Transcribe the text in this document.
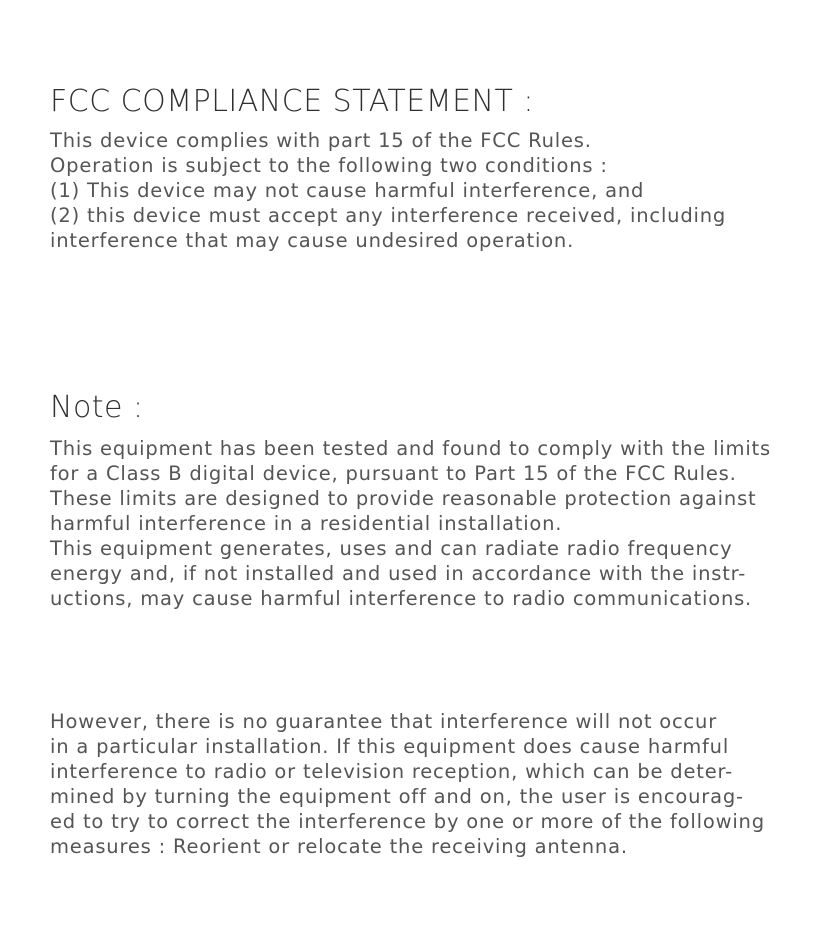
FCC COMPLIANCE STATEMENT :

This device complies with part 15 of the FCC Rules.
Operation is subject to the following two conditions :
(1) This device may not cause harmful interference, and
(2) this device must accept any interference received, including
interference that may cause undesired operation.

Note :

This equipment has been tested and found to comply with the limits
for a Class B digital device, pursuant to Part 15 of the FCC Rules.
These limits are designed to provide reasonable protection against
harmful interference in a residential installation.
This equipment generates, uses and can radiate radio frequency
energy and, if not installed and used in accordance with the instr-
uctions, may cause harmful interference to radio communications.

However, there is no guarantee that interference will not occur
in a particular installation. If this equipment does cause harmful
interference to radio or television reception, which can be deter-
mined by turning the equipment off and on, the user is encourag-
ed to try to correct the interference by one or more of the following
measures : Reorient or relocate the receiving antenna.
